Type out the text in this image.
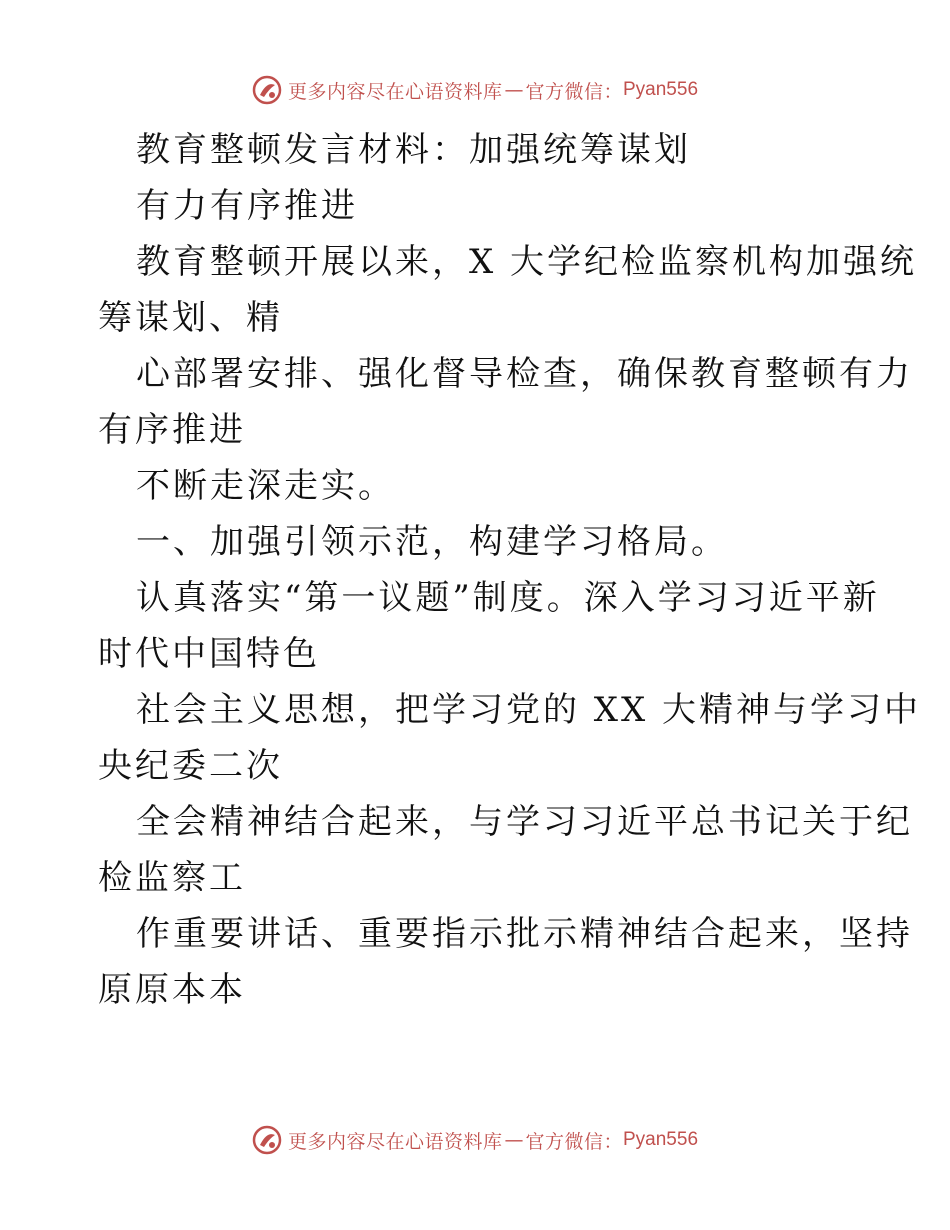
更多内容尽在心语资料库 — 官方微信： Pyan556
教育整顿发言材料：加强统筹谋划
有力有序推进
教育整顿开展以来，X 大学纪检监察机构加强统
筹谋划、精
心部署安排、强化督导检查，确保教育整顿有力
有序推进
不断走深走实。
一、加强引领示范，构建学习格局。
认真落实“第一议题”制度。深入学习习近平新
时代中国特色
社会主义思想，把学习党的 XX 大精神与学习中
央纪委二次
全会精神结合起来，与学习习近平总书记关于纪
检监察工
作重要讲话、重要指示批示精神结合起来，坚持
原原本本
更多内容尽在心语资料库 — 官方微信： Pyan556
